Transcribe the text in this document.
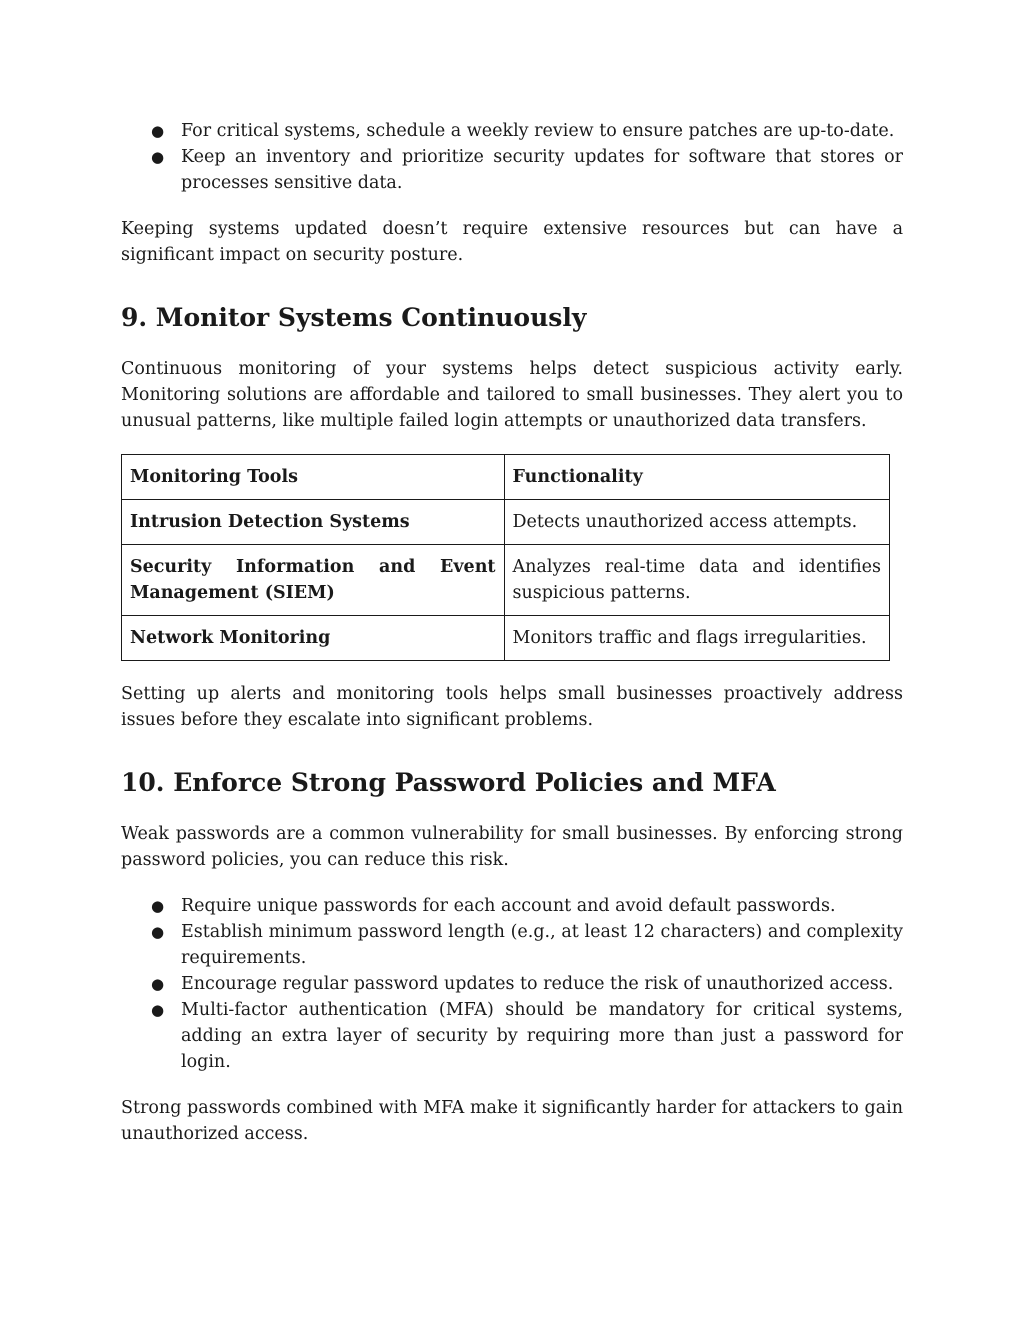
● For critical systems, schedule a weekly review to ensure patches are up-to-date.
● Keep an inventory and prioritize security updates for software that stores or processes sensitive data.

Keeping systems updated doesn’t require extensive resources but can have a significant impact on security posture.

9. Monitor Systems Continuously

Continuous monitoring of your systems helps detect suspicious activity early. Monitoring solutions are affordable and tailored to small businesses. They alert you to unusual patterns, like multiple failed login attempts or unauthorized data transfers.

Monitoring Tools	Functionality
Intrusion Detection Systems	Detects unauthorized access attempts.
Security Information and Event Management (SIEM)	Analyzes real-time data and identifies suspicious patterns.
Network Monitoring	Monitors traffic and flags irregularities.

Setting up alerts and monitoring tools helps small businesses proactively address issues before they escalate into significant problems.

10. Enforce Strong Password Policies and MFA

Weak passwords are a common vulnerability for small businesses. By enforcing strong password policies, you can reduce this risk.

● Require unique passwords for each account and avoid default passwords.
● Establish minimum password length (e.g., at least 12 characters) and complexity requirements.
● Encourage regular password updates to reduce the risk of unauthorized access.
● Multi-factor authentication (MFA) should be mandatory for critical systems, adding an extra layer of security by requiring more than just a password for login.

Strong passwords combined with MFA make it significantly harder for attackers to gain unauthorized access.
